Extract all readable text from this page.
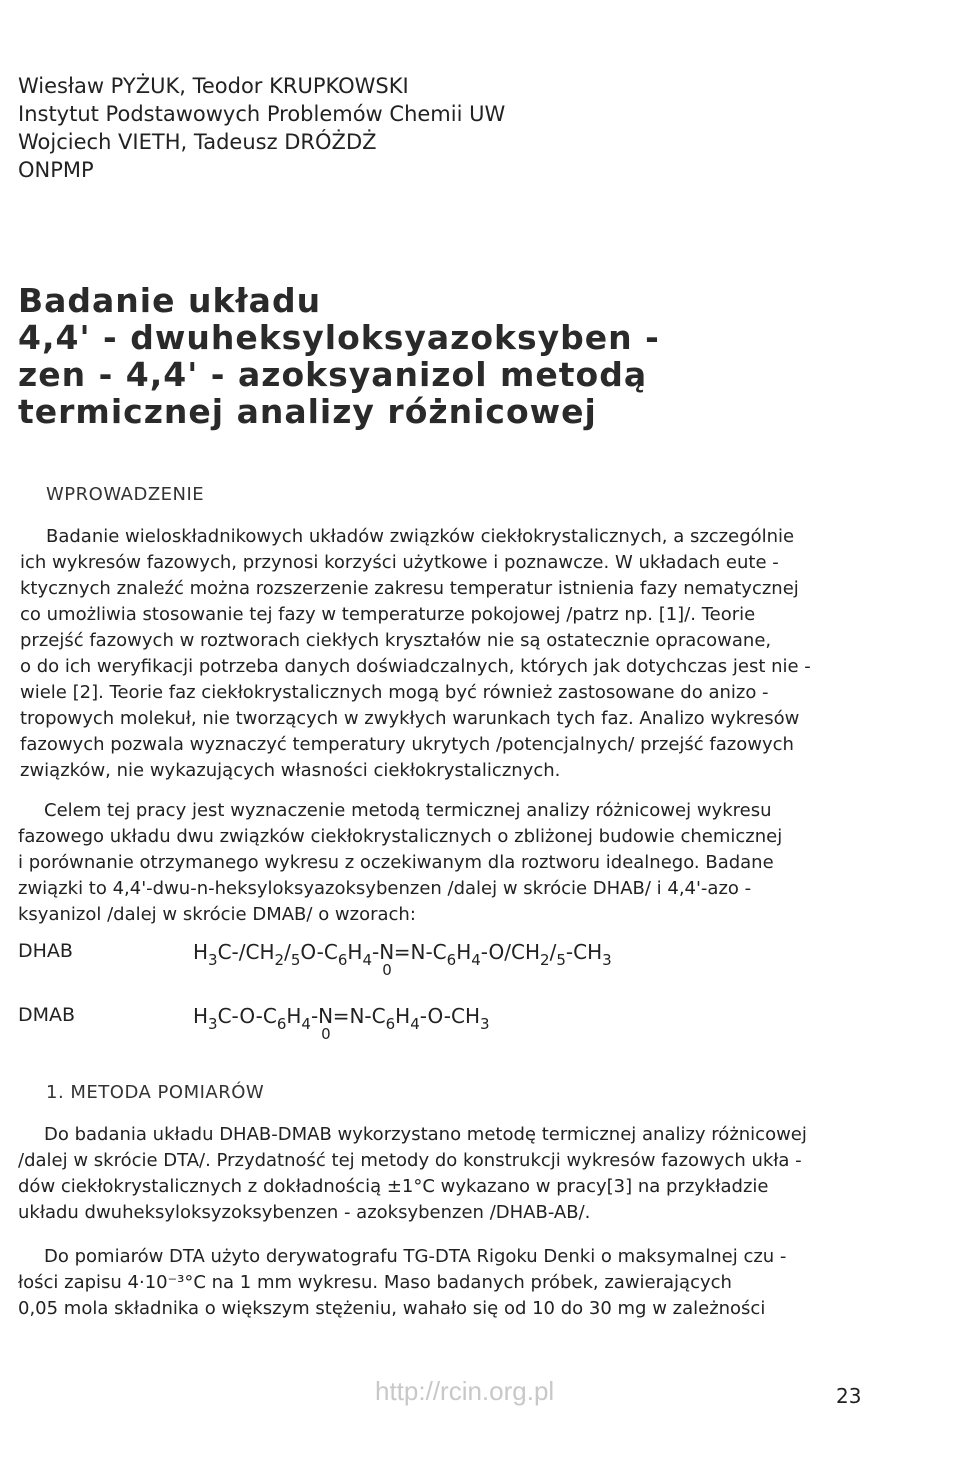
Wiesław PYŻUK, Teodor KRUPKOWSKI
Instytut Podstawowych Problemów Chemii UW
Wojciech VIETH, Tadeusz DRÓŻDŻ
ONPMP
Badanie układu
4,4' - dwuheksyloksyazoksyben -
zen - 4,4' - azoksyanizol metodą
termicznej analizy różnicowej
WPROWADZENIE
Badanie wieloskładnikowych układów związków ciekłokrystalicznych, a szczególnie
ich wykresów fazowych, przynosi korzyści użytkowe i poznawcze. W układach eute -
ktycznych znaleźć można rozszerzenie zakresu temperatur istnienia fazy nematycznej
co umożliwia stosowanie tej fazy w temperaturze pokojowej /patrz np. [1]/. Teorie
przejść fazowych w roztworach ciekłych kryształów nie są ostatecznie opracowane,
o do ich weryfikacji potrzeba danych doświadczalnych, których jak dotychczas jest nie -
wiele [2]. Teorie faz ciekłokrystalicznych mogą być również zastosowane do anizo -
tropowych molekuł, nie tworzących w zwykłych warunkach tych faz. Analizo wykresów
fazowych pozwala wyznaczyć temperatury ukrytych /potencjalnych/ przejść fazowych
związków, nie wykazujących własności ciekłokrystalicznych.
Celem tej pracy jest wyznaczenie metodą termicznej analizy różnicowej wykresu
fazowego układu dwu związków ciekłokrystalicznych o zbliżonej budowie chemicznej
i porównanie otrzymanego wykresu z oczekiwanym dla roztworu idealnego. Badane
związki to 4,4'-dwu-n-heksyloksyazoksybenzen /dalej w skrócie DHAB/ i 4,4'-azo -
ksyanizol /dalej w skrócie DMAB/ o wzorach:
DHAB	$H_3C-/CH_2/_5O-C_6H_4-N_0=N-C_6H_4-O/CH_2/_5-CH_3$
DMAB	$H_3C-O-C_6H_4-N_0=N-C_6H_4-O-CH_3$
1. METODA POMIARÓW
Do badania układu DHAB-DMAB wykorzystano metodę termicznej analizy różnicowej
/dalej w skrócie DTA/. Przydatność tej metody do konstrukcji wykresów fazowych ukła -
dów ciekłokrystalicznych z dokładnością ±1°C wykazano w pracy[3] na przykładzie
układu dwuheksyloksyzoksybenzen - azoksybenzen /DHAB-AB/.
Do pomiarów DTA użyto derywatografu TG-DTA Rigoku Denki o maksymalnej czu -
łości zapisu 4·10⁻³°C na 1 mm wykresu. Maso badanych próbek, zawierających
0,05 mola składnika o większym stężeniu, wahało się od 10 do 30 mg w zależności
http://rcin.org.pl	23
